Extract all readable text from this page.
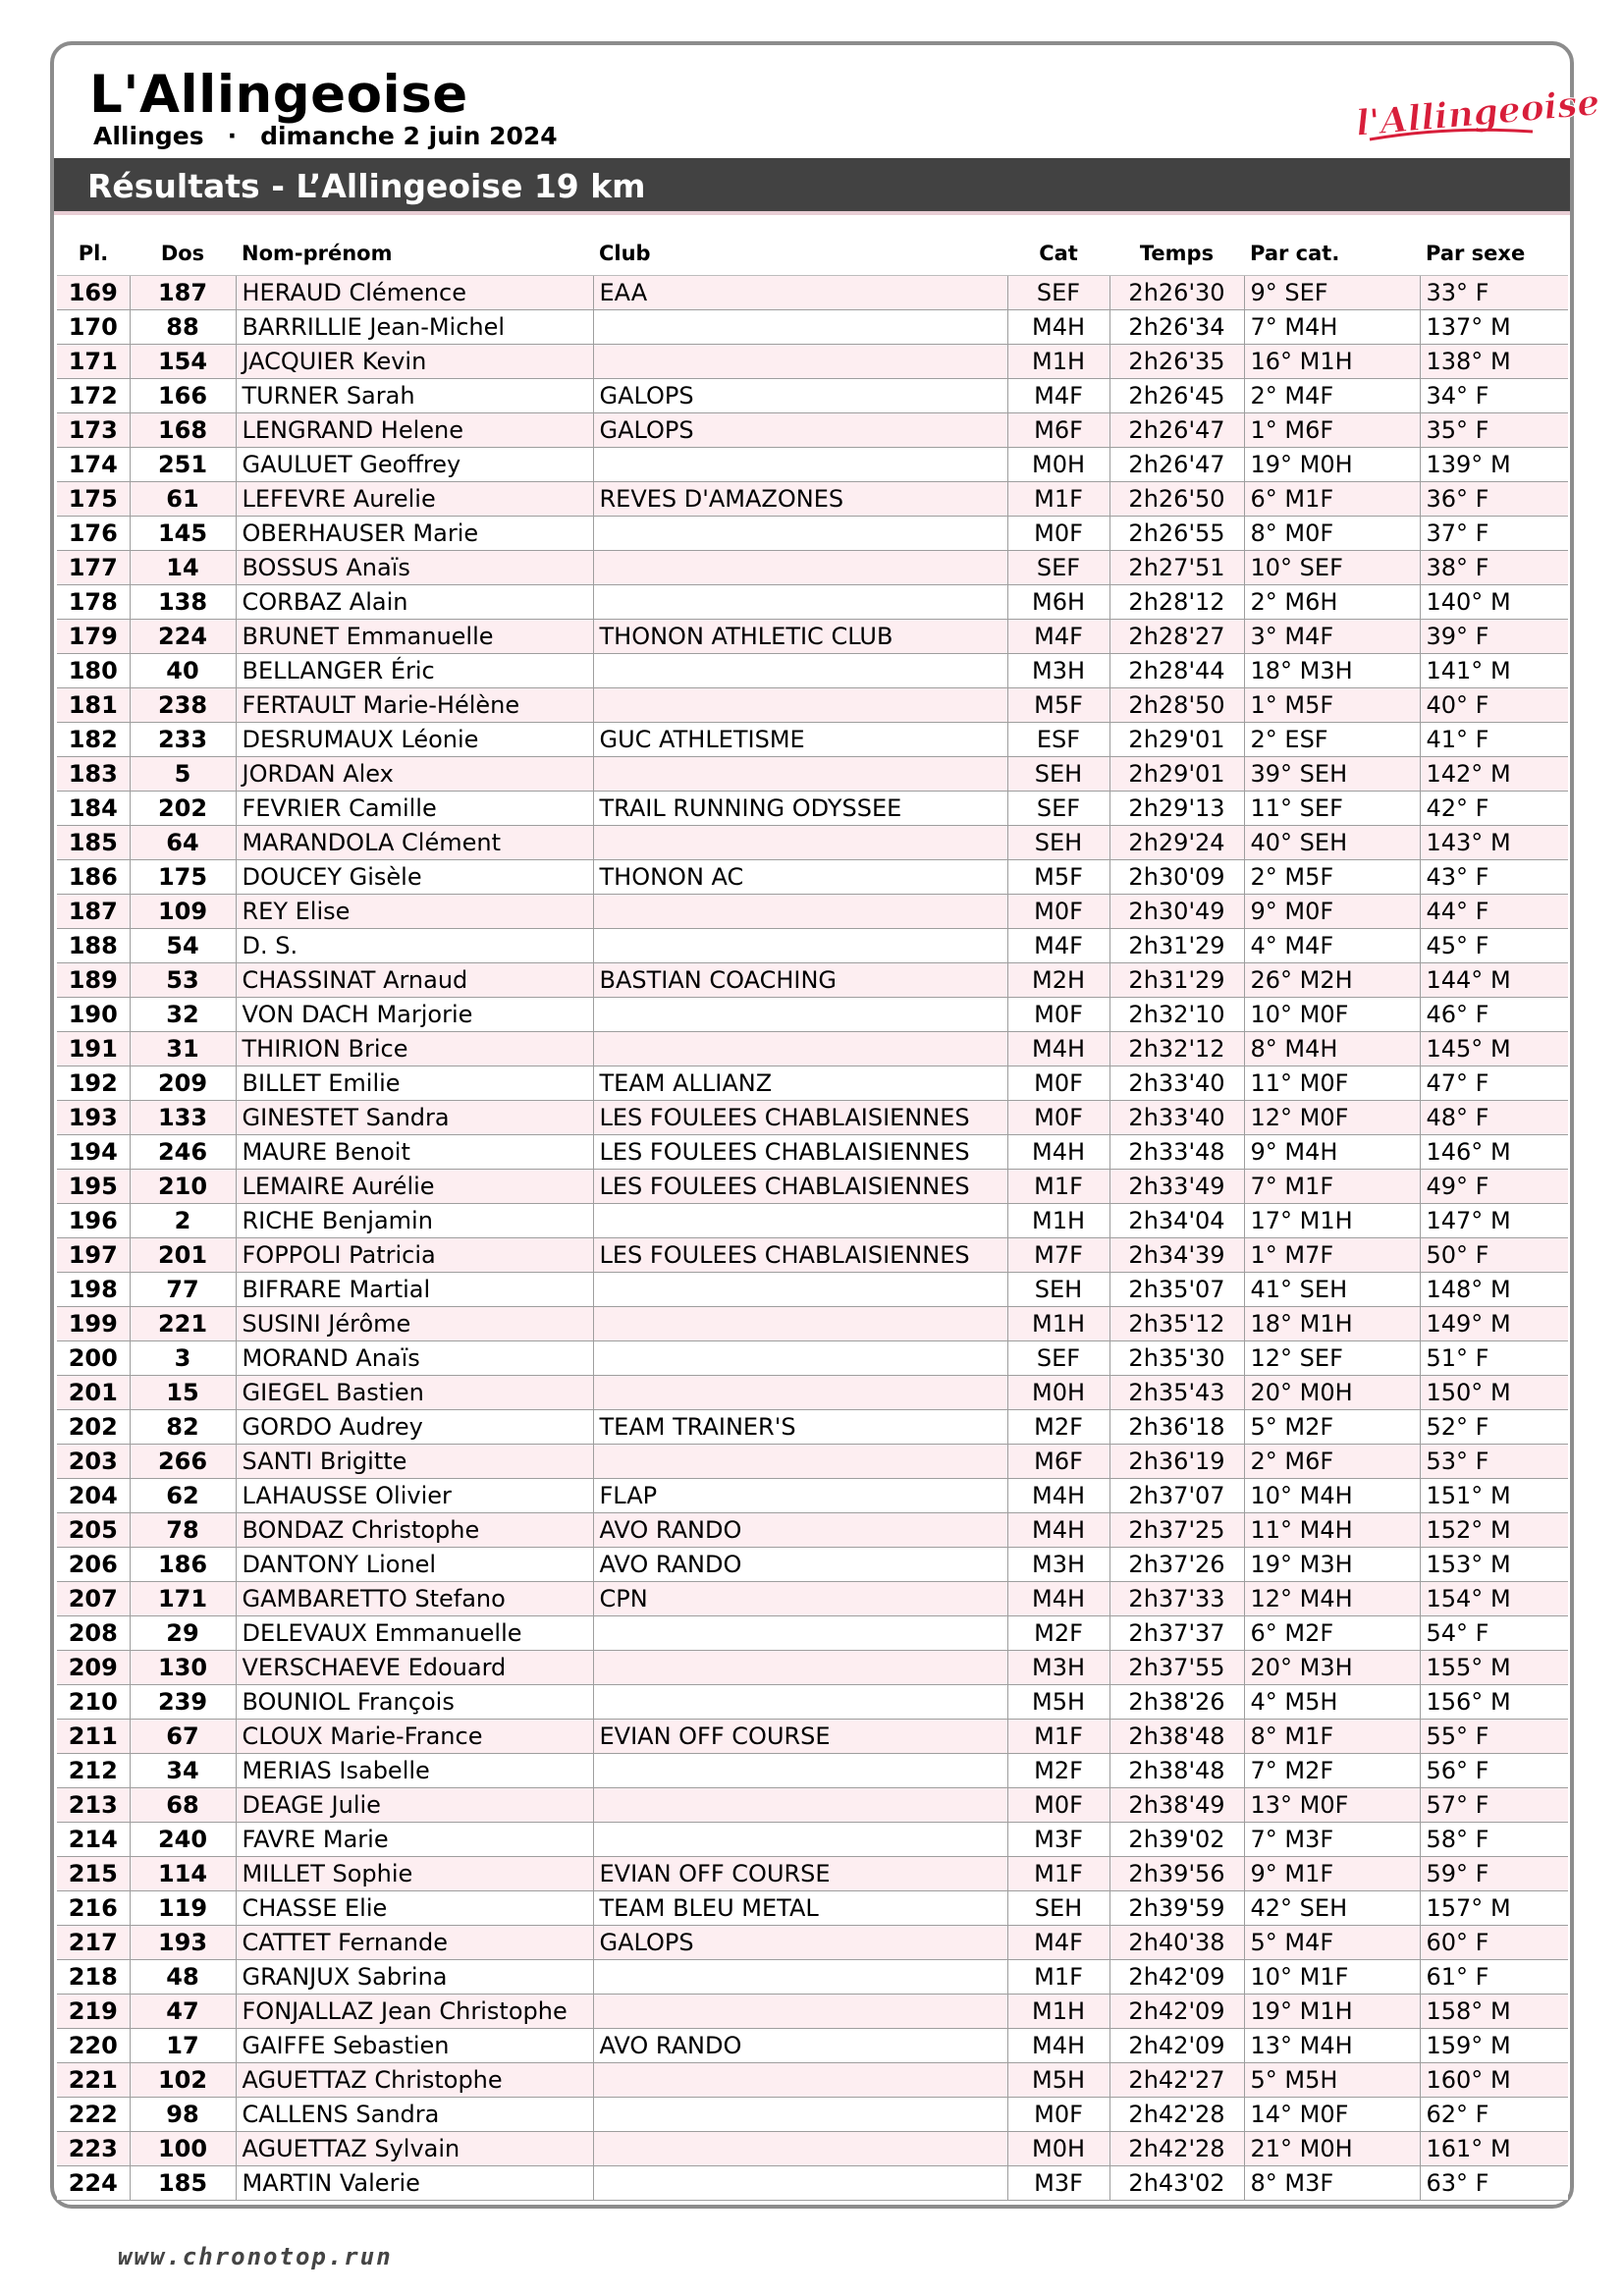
L'Allingeoise
Allinges · dimanche 2 juin 2024	l'Allingeoise
Résultats - L’Allingeoise 19 km
Pl.	Dos	Nom-prénom	Club	Cat	Temps	Par cat.	Par sexe
169	187	HERAUD Clémence	EAA	SEF	2h26'30	9° SEF	33° F
170	88	BARRILLIE Jean-Michel		M4H	2h26'34	7° M4H	137° M
171	154	JACQUIER Kevin		M1H	2h26'35	16° M1H	138° M
172	166	TURNER Sarah	GALOPS	M4F	2h26'45	2° M4F	34° F
173	168	LENGRAND Helene	GALOPS	M6F	2h26'47	1° M6F	35° F
174	251	GAULUET Geoffrey		M0H	2h26'47	19° M0H	139° M
175	61	LEFEVRE Aurelie	REVES D'AMAZONES	M1F	2h26'50	6° M1F	36° F
176	145	OBERHAUSER Marie		M0F	2h26'55	8° M0F	37° F
177	14	BOSSUS Anaïs		SEF	2h27'51	10° SEF	38° F
178	138	CORBAZ Alain		M6H	2h28'12	2° M6H	140° M
179	224	BRUNET Emmanuelle	THONON ATHLETIC CLUB	M4F	2h28'27	3° M4F	39° F
180	40	BELLANGER Éric		M3H	2h28'44	18° M3H	141° M
181	238	FERTAULT Marie-Hélène		M5F	2h28'50	1° M5F	40° F
182	233	DESRUMAUX Léonie	GUC ATHLETISME	ESF	2h29'01	2° ESF	41° F
183	5	JORDAN Alex		SEH	2h29'01	39° SEH	142° M
184	202	FEVRIER Camille	TRAIL RUNNING ODYSSEE	SEF	2h29'13	11° SEF	42° F
185	64	MARANDOLA Clément		SEH	2h29'24	40° SEH	143° M
186	175	DOUCEY Gisèle	THONON AC	M5F	2h30'09	2° M5F	43° F
187	109	REY Elise		M0F	2h30'49	9° M0F	44° F
188	54	D. S.		M4F	2h31'29	4° M4F	45° F
189	53	CHASSINAT Arnaud	BASTIAN COACHING	M2H	2h31'29	26° M2H	144° M
190	32	VON DACH Marjorie		M0F	2h32'10	10° M0F	46° F
191	31	THIRION Brice		M4H	2h32'12	8° M4H	145° M
192	209	BILLET Emilie	TEAM ALLIANZ	M0F	2h33'40	11° M0F	47° F
193	133	GINESTET Sandra	LES FOULEES CHABLAISIENNES	M0F	2h33'40	12° M0F	48° F
194	246	MAURE Benoit	LES FOULEES CHABLAISIENNES	M4H	2h33'48	9° M4H	146° M
195	210	LEMAIRE Aurélie	LES FOULEES CHABLAISIENNES	M1F	2h33'49	7° M1F	49° F
196	2	RICHE Benjamin		M1H	2h34'04	17° M1H	147° M
197	201	FOPPOLI Patricia	LES FOULEES CHABLAISIENNES	M7F	2h34'39	1° M7F	50° F
198	77	BIFRARE Martial		SEH	2h35'07	41° SEH	148° M
199	221	SUSINI Jérôme		M1H	2h35'12	18° M1H	149° M
200	3	MORAND Anaïs		SEF	2h35'30	12° SEF	51° F
201	15	GIEGEL Bastien		M0H	2h35'43	20° M0H	150° M
202	82	GORDO Audrey	TEAM TRAINER'S	M2F	2h36'18	5° M2F	52° F
203	266	SANTI Brigitte		M6F	2h36'19	2° M6F	53° F
204	62	LAHAUSSE Olivier	FLAP	M4H	2h37'07	10° M4H	151° M
205	78	BONDAZ Christophe	AVO RANDO	M4H	2h37'25	11° M4H	152° M
206	186	DANTONY Lionel	AVO RANDO	M3H	2h37'26	19° M3H	153° M
207	171	GAMBARETTO Stefano	CPN	M4H	2h37'33	12° M4H	154° M
208	29	DELEVAUX Emmanuelle		M2F	2h37'37	6° M2F	54° F
209	130	VERSCHAEVE Edouard		M3H	2h37'55	20° M3H	155° M
210	239	BOUNIOL François		M5H	2h38'26	4° M5H	156° M
211	67	CLOUX Marie-France	EVIAN OFF COURSE	M1F	2h38'48	8° M1F	55° F
212	34	MERIAS Isabelle		M2F	2h38'48	7° M2F	56° F
213	68	DEAGE Julie		M0F	2h38'49	13° M0F	57° F
214	240	FAVRE Marie		M3F	2h39'02	7° M3F	58° F
215	114	MILLET Sophie	EVIAN OFF COURSE	M1F	2h39'56	9° M1F	59° F
216	119	CHASSE Elie	TEAM BLEU METAL	SEH	2h39'59	42° SEH	157° M
217	193	CATTET Fernande	GALOPS	M4F	2h40'38	5° M4F	60° F
218	48	GRANJUX Sabrina		M1F	2h42'09	10° M1F	61° F
219	47	FONJALLAZ Jean Christophe		M1H	2h42'09	19° M1H	158° M
220	17	GAIFFE Sebastien	AVO RANDO	M4H	2h42'09	13° M4H	159° M
221	102	AGUETTAZ Christophe		M5H	2h42'27	5° M5H	160° M
222	98	CALLENS Sandra		M0F	2h42'28	14° M0F	62° F
223	100	AGUETTAZ Sylvain		M0H	2h42'28	21° M0H	161° M
224	185	MARTIN Valerie		M3F	2h43'02	8° M3F	63° F
www.chronotop.run
